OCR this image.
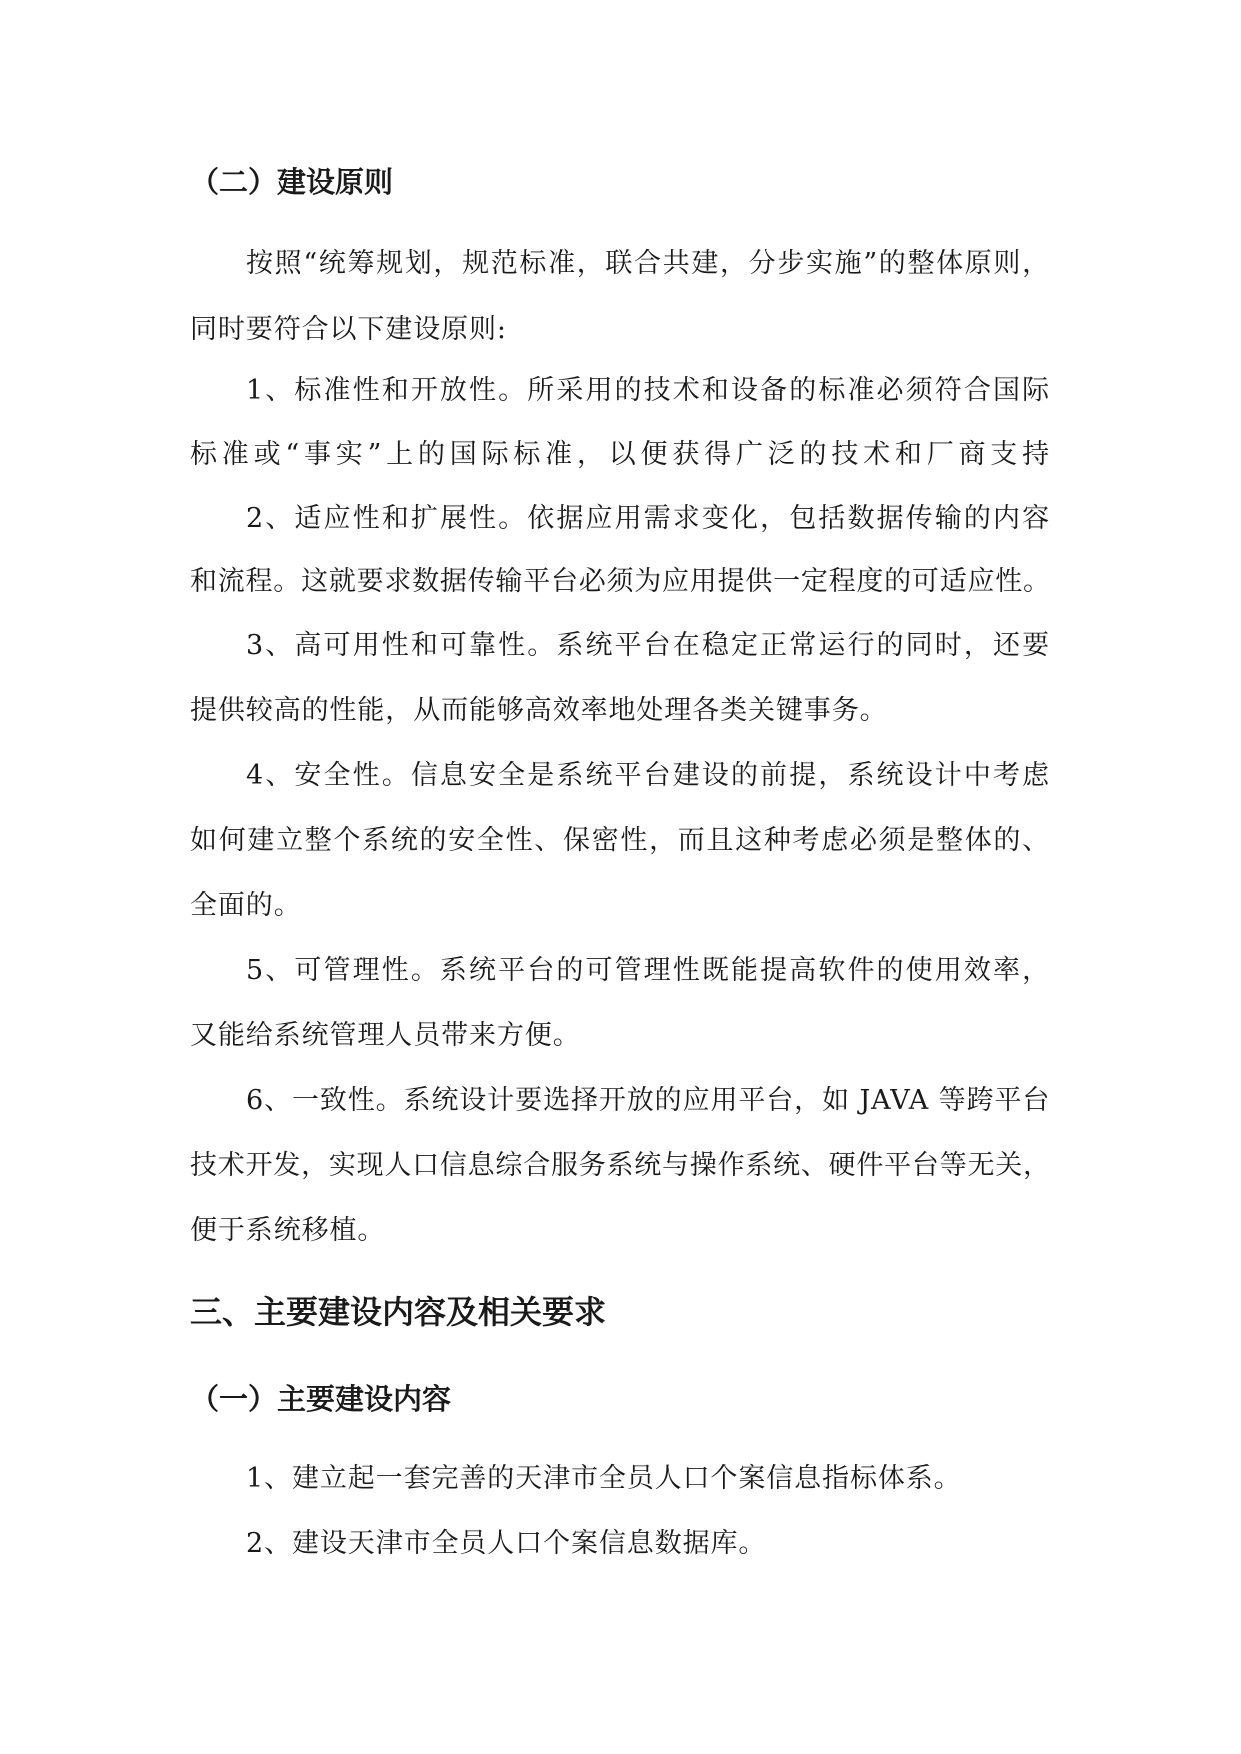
（二）建设原则

按照“统筹规划，规范标准，联合共建，分步实施”的整体原则，

同时要符合以下建设原则:

1、标准性和开放性。所采用的技术和设备的标准必须符合国际

标准或“事实”上的国际标准，以便获得广泛的技术和厂商支持

2、适应性和扩展性。依据应用需求变化，包括数据传输的内容

和流程。这就要求数据传输平台必须为应用提供一定程度的可适应性。

3、高可用性和可靠性。系统平台在稳定正常运行的同时，还要

提供较高的性能，从而能够高效率地处理各类关键事务。

4、安全性。信息安全是系统平台建设的前提，系统设计中考虑

如何建立整个系统的安全性、保密性，而且这种考虑必须是整体的、

全面的。

5、可管理性。系统平台的可管理性既能提高软件的使用效率，

又能给系统管理人员带来方便。

6、一致性。系统设计要选择开放的应用平台，如 JAVA 等跨平台

技术开发，实现人口信息综合服务系统与操作系统、硬件平台等无关，

便于系统移植。

三、主要建设内容及相关要求
（一）主要建设内容

1、建立起一套完善的天津市全员人口个案信息指标体系。

2、建设天津市全员人口个案信息数据库。
